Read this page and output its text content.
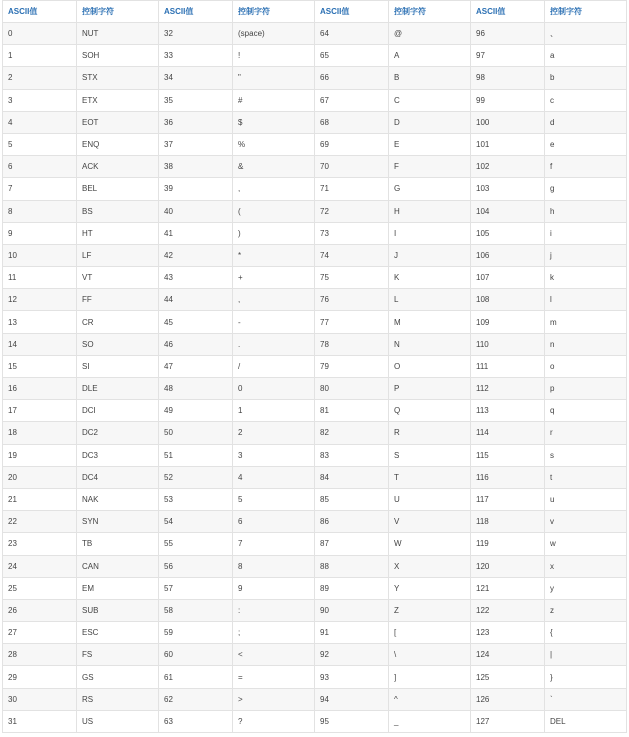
ASCII值	控制字符	ASCII值	控制字符	ASCII值	控制字符	ASCII值	控制字符
0	NUT	32	(space)	64	@	96	、
1	SOH	33	!	65	A	97	a
2	STX	34	"	66	B	98	b
3	ETX	35	#	67	C	99	c
4	EOT	36	$	68	D	100	d
5	ENQ	37	%	69	E	101	e
6	ACK	38	&	70	F	102	f
7	BEL	39	,	71	G	103	g
8	BS	40	(	72	H	104	h
9	HT	41	)	73	I	105	i
10	LF	42	*	74	J	106	j
11	VT	43	+	75	K	107	k
12	FF	44	,	76	L	108	l
13	CR	45	-	77	M	109	m
14	SO	46	.	78	N	110	n
15	SI	47	/	79	O	111	o
16	DLE	48	0	80	P	112	p
17	DCI	49	1	81	Q	113	q
18	DC2	50	2	82	R	114	r
19	DC3	51	3	83	S	115	s
20	DC4	52	4	84	T	116	t
21	NAK	53	5	85	U	117	u
22	SYN	54	6	86	V	118	v
23	TB	55	7	87	W	119	w
24	CAN	56	8	88	X	120	x
25	EM	57	9	89	Y	121	y
26	SUB	58	:	90	Z	122	z
27	ESC	59	;	91	[	123	{
28	FS	60	<	92	\	124	|
29	GS	61	=	93	]	125	}
30	RS	62	>	94	^	126	`
31	US	63	?	95	_	127	DEL
